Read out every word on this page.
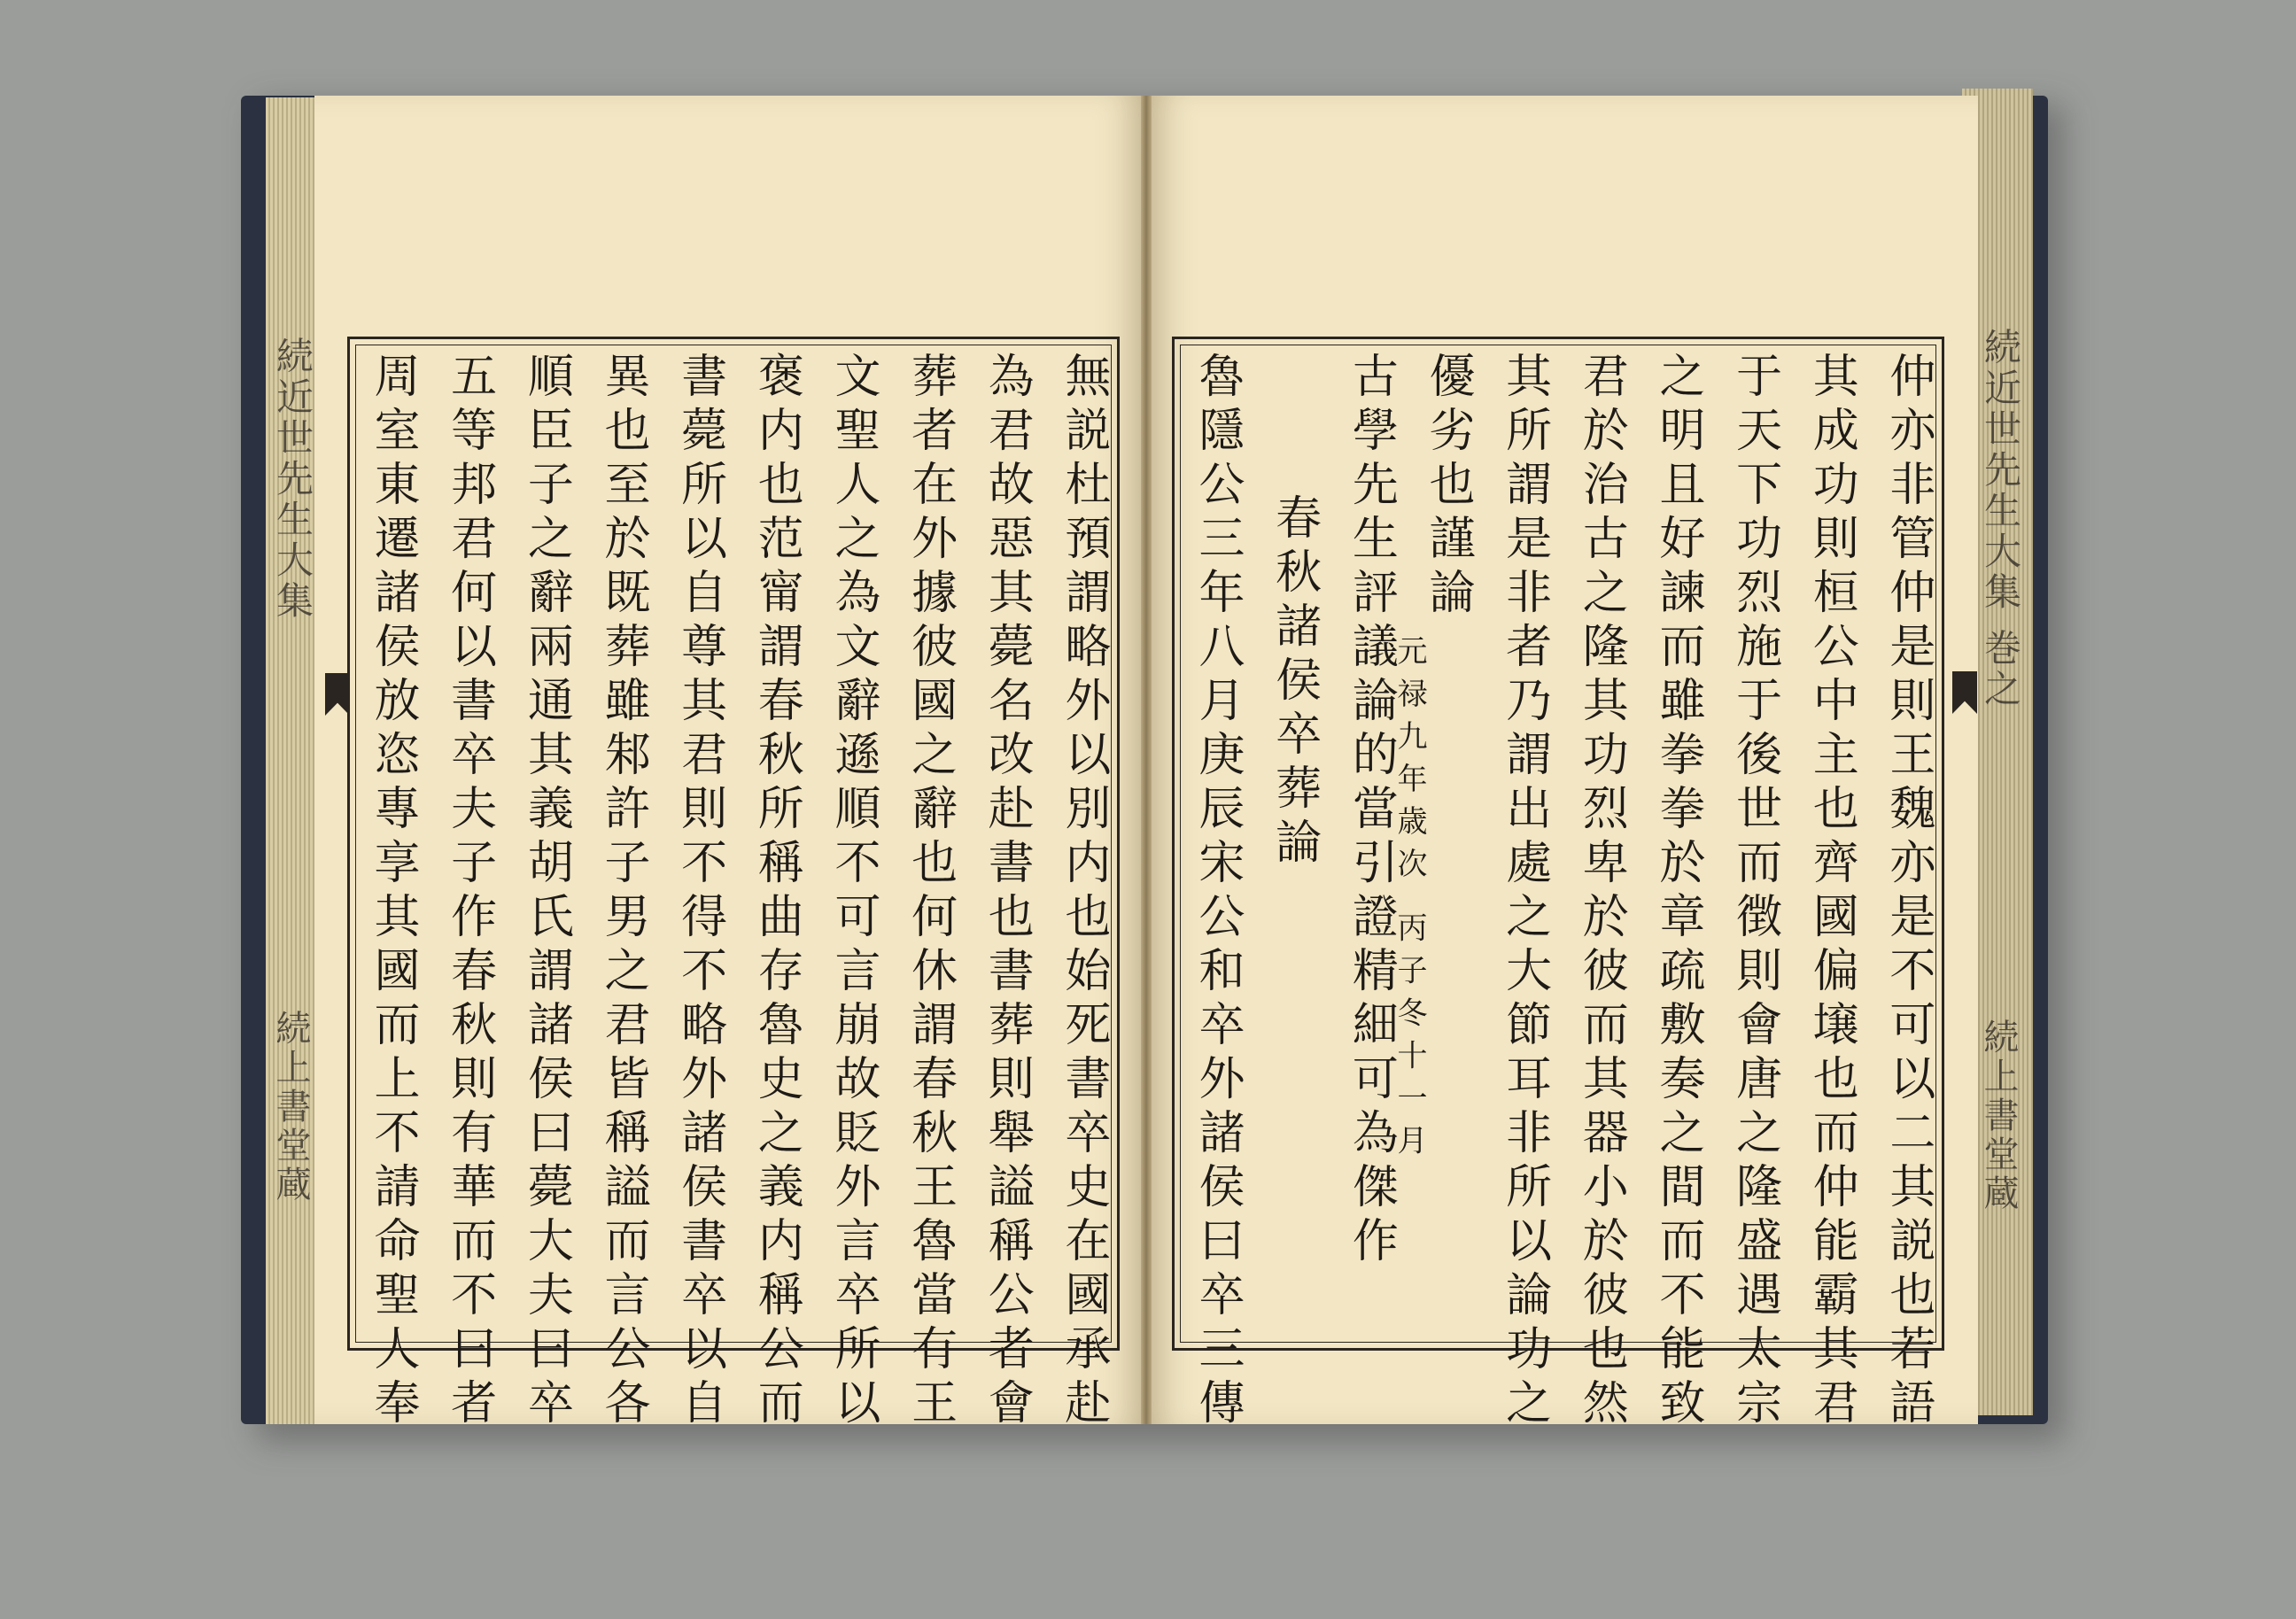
続近世先生大集
続上書堂蔵
続近世先生大集 巻之
続上書堂蔵
無説杜預謂略外以別内也始死書卒史在國承赴
為君故惡其薨名改赴書也書葬則舉謚稱公者會
葬者在外據彼國之辭也何休謂春秋王魯當有王
文聖人之為文辭遜順不可言崩故貶外言卒所以
褒内也范甯謂春秋所稱曲存魯史之義内稱公而
書薨所以自尊其君則不得不略外諸侯書卒以自
異也至於既葬雖邾許子男之君皆稱謚而言公各
順臣子之辭兩通其義胡氏謂諸侯曰薨大夫曰卒
五等邦君何以書卒夫子作春秋則有華而不曰者
周室東遷諸侯放恣專享其國而上不請命聖人奉	仲亦非管仲是則王魏亦是不可以二其説也若語
其成功則桓公中主也齊國偏壌也而仲能霸其君
于天下功烈施于後世而徴則會唐之隆盛遇太宗
之明且好諫而雖拳拳於章疏敷奏之間而不能致
君於治古之隆其功烈卑於彼而其器小於彼也然
其所謂是非者乃謂出處之大節耳非所以論功之
優劣也謹論
元禄九年歳次 丙子冬十一月
古學先生評議論的當引證精細可為傑作
春秋諸侯卒葬論
魯隱公三年八月庚辰宋公和卒外諸侯曰卒三傳
